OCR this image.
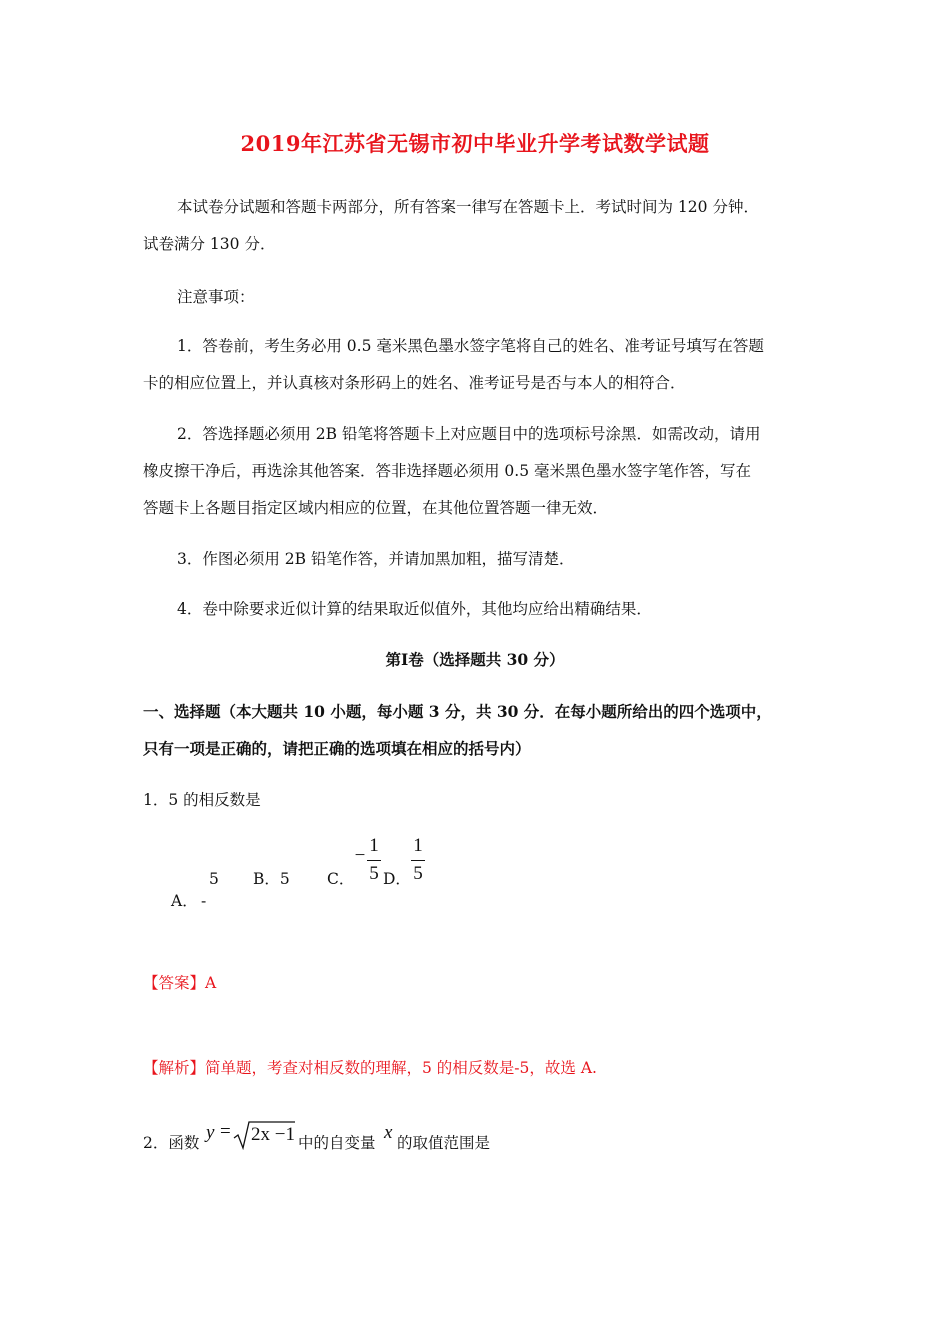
2019年江苏省无锡市初中毕业升学考试数学试题
本试卷分试题和答题卡两部分，所有答案一律写在答题卡上．考试时间为 120 分钟．
试卷满分 130 分．
注意事项：
1．答卷前，考生务必用 0.5 毫米黑色墨水签字笔将自己的姓名、准考证号填写在答题
卡的相应位置上，并认真核对条形码上的姓名、准考证号是否与本人的相符合．
2．答选择题必须用 2B 铅笔将答题卡上对应题目中的选项标号涂黑．如需改动，请用
橡皮擦干净后，再选涂其他答案．答非选择题必须用 0.5 毫米黑色墨水签字笔作答，写在
答题卡上各题目指定区域内相应的位置，在其他位置答题一律无效．
3．作图必须用 2B 铅笔作答，并请加黑加粗，描写清楚．
4．卷中除要求近似计算的结果取近似值外，其他均应给出精确结果．
第Ⅰ卷（选择题共 30 分）
一、选择题（本大题共 10 小题，每小题 3 分，共 30 分．在每小题所给出的四个选项中，
只有一项是正确的，请把正确的选项填在相应的括号内）
1．5 的相反数是
5 B．5 C．
A． -
− 1
5 D．
1
5
【答案】A
【解析】简单题，考查对相反数的理解，5 的相反数是-5，故选 A.
2．函数 y = 2x −1 中的自变量 x 的取值范围是
